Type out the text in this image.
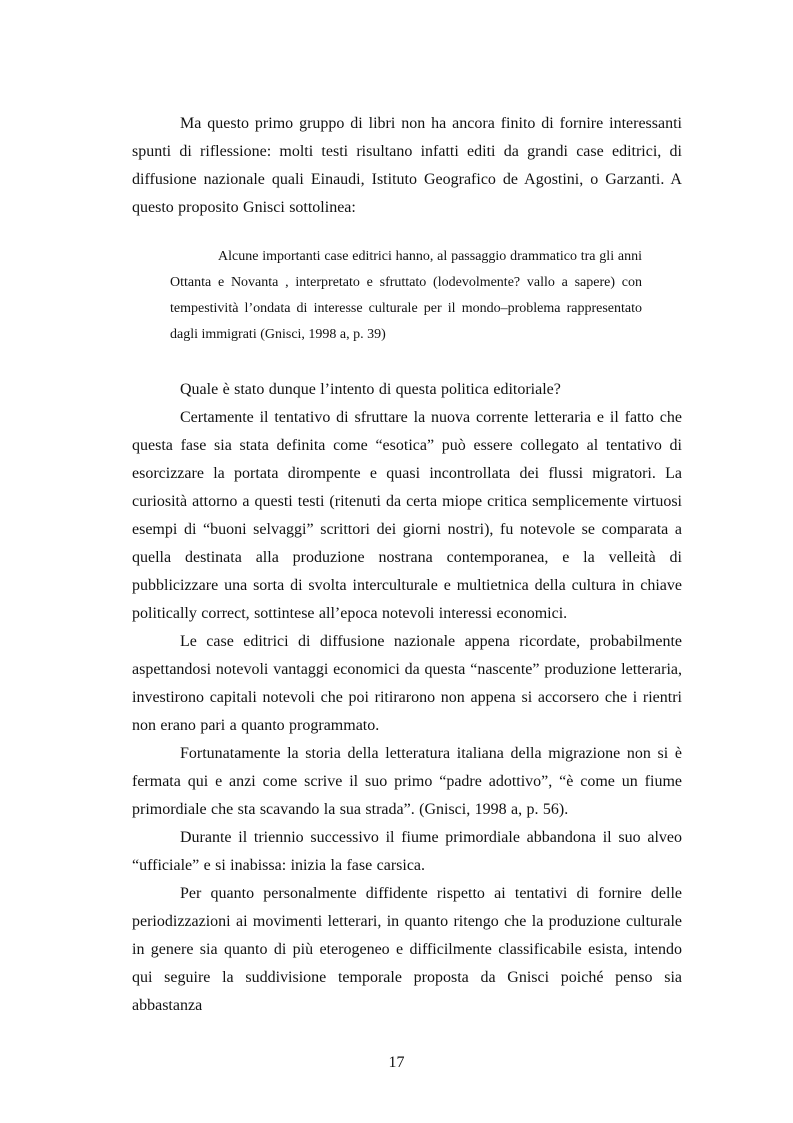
Ma questo primo gruppo di libri non ha ancora finito di fornire interessanti spunti di riflessione: molti testi risultano infatti editi da grandi case editrici, di diffusione nazionale quali Einaudi, Istituto Geografico de Agostini, o Garzanti. A questo proposito Gnisci sottolinea:

Alcune importanti case editrici hanno, al passaggio drammatico tra gli anni Ottanta e Novanta , interpretato e sfruttato (lodevolmente? vallo a sapere) con tempestività l’ondata di interesse culturale per il mondo–problema rappresentato dagli immigrati (Gnisci, 1998 a, p. 39)

Quale è stato dunque l’intento di questa politica editoriale?

Certamente il tentativo di sfruttare la nuova corrente letteraria e il fatto che questa fase sia stata definita come “esotica” può essere collegato al tentativo di esorcizzare la portata dirompente e quasi incontrollata dei flussi migratori. La curiosità attorno a questi testi (ritenuti da certa miope critica semplicemente virtuosi esempi di “buoni selvaggi” scrittori dei giorni nostri), fu notevole se comparata a quella destinata alla produzione nostrana contemporanea, e la velleità di pubblicizzare una sorta di svolta interculturale e multietnica della cultura in chiave politically correct, sottintese all’epoca notevoli interessi economici.

Le case editrici di diffusione nazionale appena ricordate, probabilmente aspettandosi notevoli vantaggi economici da questa “nascente” produzione letteraria, investirono capitali notevoli che poi ritirarono non appena si accorsero che i rientri non erano pari a quanto programmato.

Fortunatamente la storia della letteratura italiana della migrazione non si è fermata qui e anzi come scrive il suo primo “padre adottivo”, “è come un fiume primordiale che sta scavando la sua strada”. (Gnisci, 1998 a, p. 56).

Durante il triennio successivo il fiume primordiale abbandona il suo alveo “ufficiale” e si inabissa: inizia la fase carsica.

Per quanto personalmente diffidente rispetto ai tentativi di fornire delle periodizzazioni ai movimenti letterari, in quanto ritengo che la produzione culturale in genere sia quanto di più eterogeneo e difficilmente classificabile esista, intendo qui seguire la suddivisione temporale proposta da Gnisci poiché penso sia abbastanza

17
